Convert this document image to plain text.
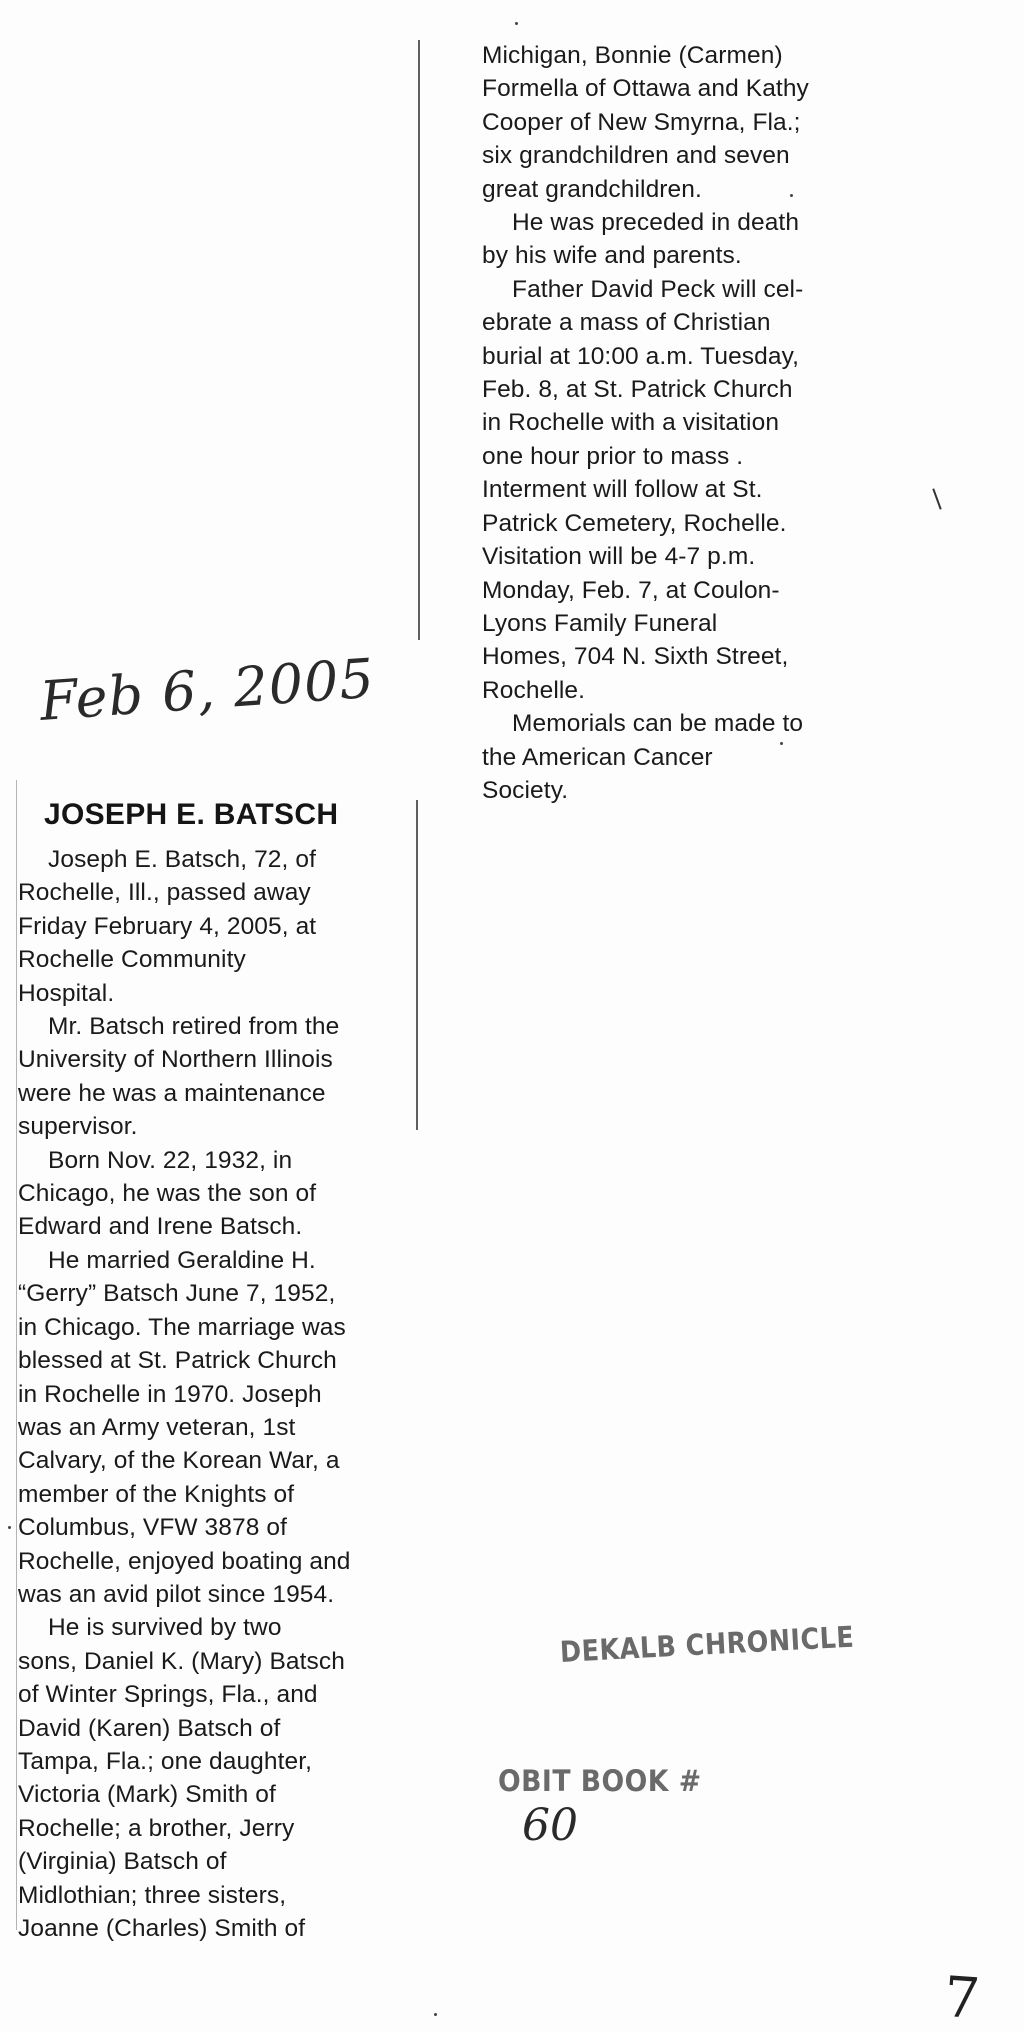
Michigan, Bonnie (Carmen)

Formella of Ottawa and Kathy

Cooper of New Smyrna, Fla.;

six grandchildren and seven

great grandchildren.

He was preceded in death

by his wife and parents.

Father David Peck will cel-

ebrate a mass of Christian

burial at 10:00 a.m. Tuesday,

Feb. 8, at St. Patrick Church

in Rochelle with a visitation

one hour prior to mass .

Interment will follow at St.

Patrick Cemetery, Rochelle.

Visitation will be 4-7 p.m.

Monday, Feb. 7, at Coulon-

Lyons Family Funeral

Homes, 704 N. Sixth Street,

Rochelle.

Memorials can be made to

the American Cancer

Society.

Feb 6, 2005
JOSEPH E. BATSCH

Joseph E. Batsch, 72, of

Rochelle, Ill., passed away

Friday February 4, 2005, at

Rochelle Community

Hospital.

Mr. Batsch retired from the

University of Northern Illinois

were he was a maintenance

supervisor.

Born Nov. 22, 1932, in

Chicago, he was the son of

Edward and Irene Batsch.

He married Geraldine H.

“Gerry” Batsch June 7, 1952,

in Chicago. The marriage was

blessed at St. Patrick Church

in Rochelle in 1970. Joseph

was an Army veteran, 1st

Calvary, of the Korean War, a

member of the Knights of

Columbus, VFW 3878 of

Rochelle, enjoyed boating and

was an avid pilot since 1954.

He is survived by two

sons, Daniel K. (Mary) Batsch

of Winter Springs, Fla., and

David (Karen) Batsch of

Tampa, Fla.; one daughter,

Victoria (Mark) Smith of

Rochelle; a brother, Jerry

(Virginia) Batsch of

Midlothian; three sisters,

Joanne (Charles) Smith of

DEKALB CHRONICLE
OBIT BOOK #
60
7
